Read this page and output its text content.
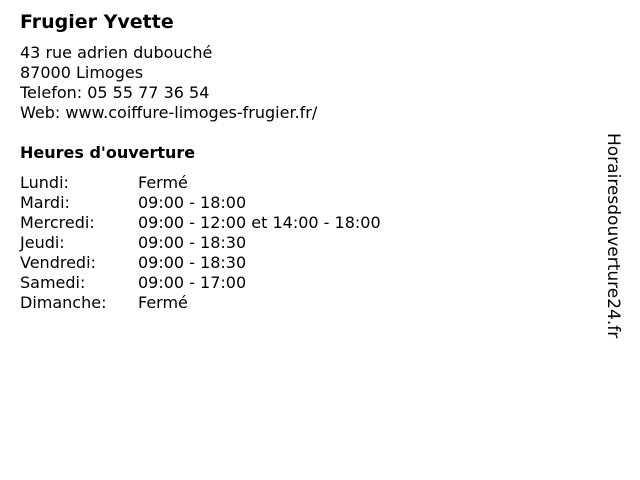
Frugier Yvette
43 rue adrien dubouché
87000 Limoges
Telefon: 05 55 77 36 54
Web: www.coiffure-limoges-frugier.fr/
Heures d'ouverture
Lundi:	Fermé
Mardi:	09:00 - 18:00
Mercredi:	09:00 - 12:00 et 14:00 - 18:00
Jeudi:	09:00 - 18:30
Vendredi:	09:00 - 18:30
Samedi:	09:00 - 17:00
Dimanche:	Fermé	Horairesdouverture24.fr
